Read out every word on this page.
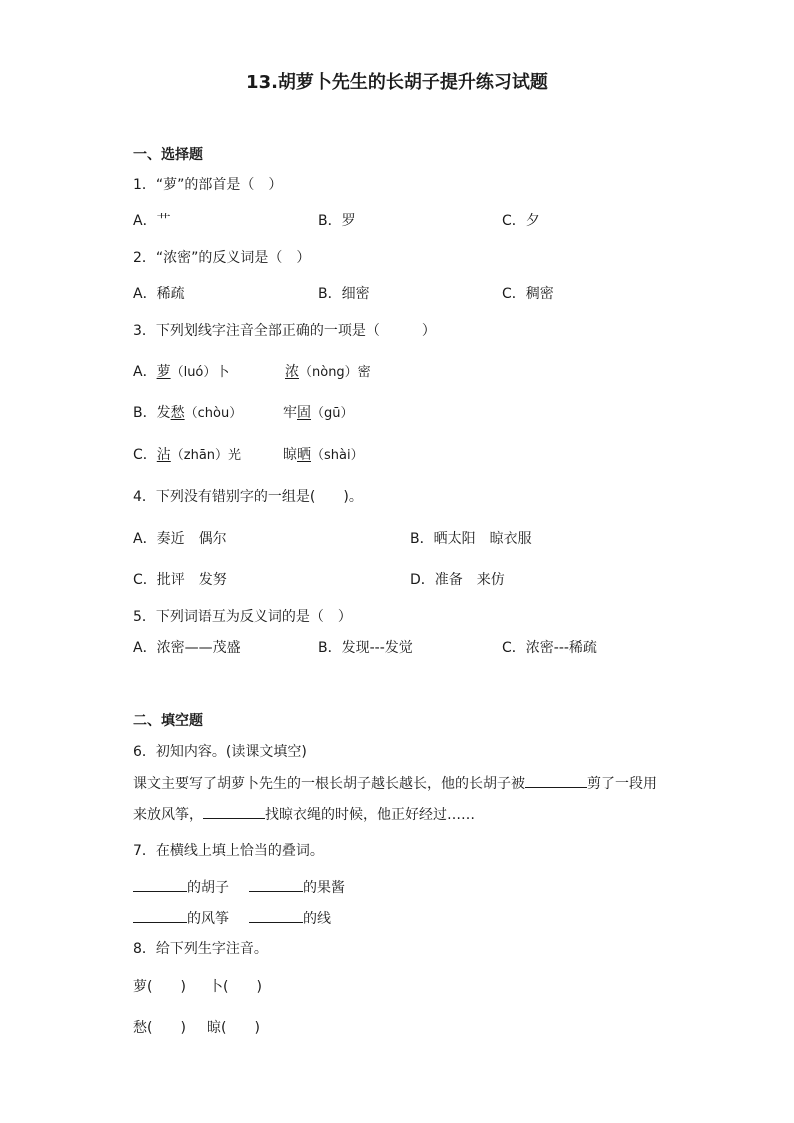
13.胡萝卜先生的长胡子提升练习试题
一、选择题
1．“萝”的部首是（　）
A．艹	B．罗	C．夕
2．“浓密”的反义词是（　）
A．稀疏	B．细密	C．稠密
3．下列划线字注音全部正确的一项是（　　　）
A．萝（luó）卜	浓（nòng）密
B．发愁（chòu）	牢固（gū）
C．沾（zhān）光	晾晒（shài）
4．下列没有错别字的一组是(　　)。
A．奏近　偶尔	B．晒太阳　晾衣服
C．批评　发努	D．准备　来仿
5．下列词语互为反义词的是（　）
A．浓密——茂盛	B．发现---发觉	C．浓密---稀疏
二、填空题
6．初知内容。(读课文填空)
课文主要写了胡萝卜先生的一根长胡子越长越长，他的长胡子被	剪了一段用
来放风筝，	找晾衣绳的时候，他正好经过……
7．在横线上填上恰当的叠词。
的胡子	的果酱
的风筝	的线
8．给下列生字注音。
萝(　　) 卜(　　)
愁(　　) 晾(　　)
